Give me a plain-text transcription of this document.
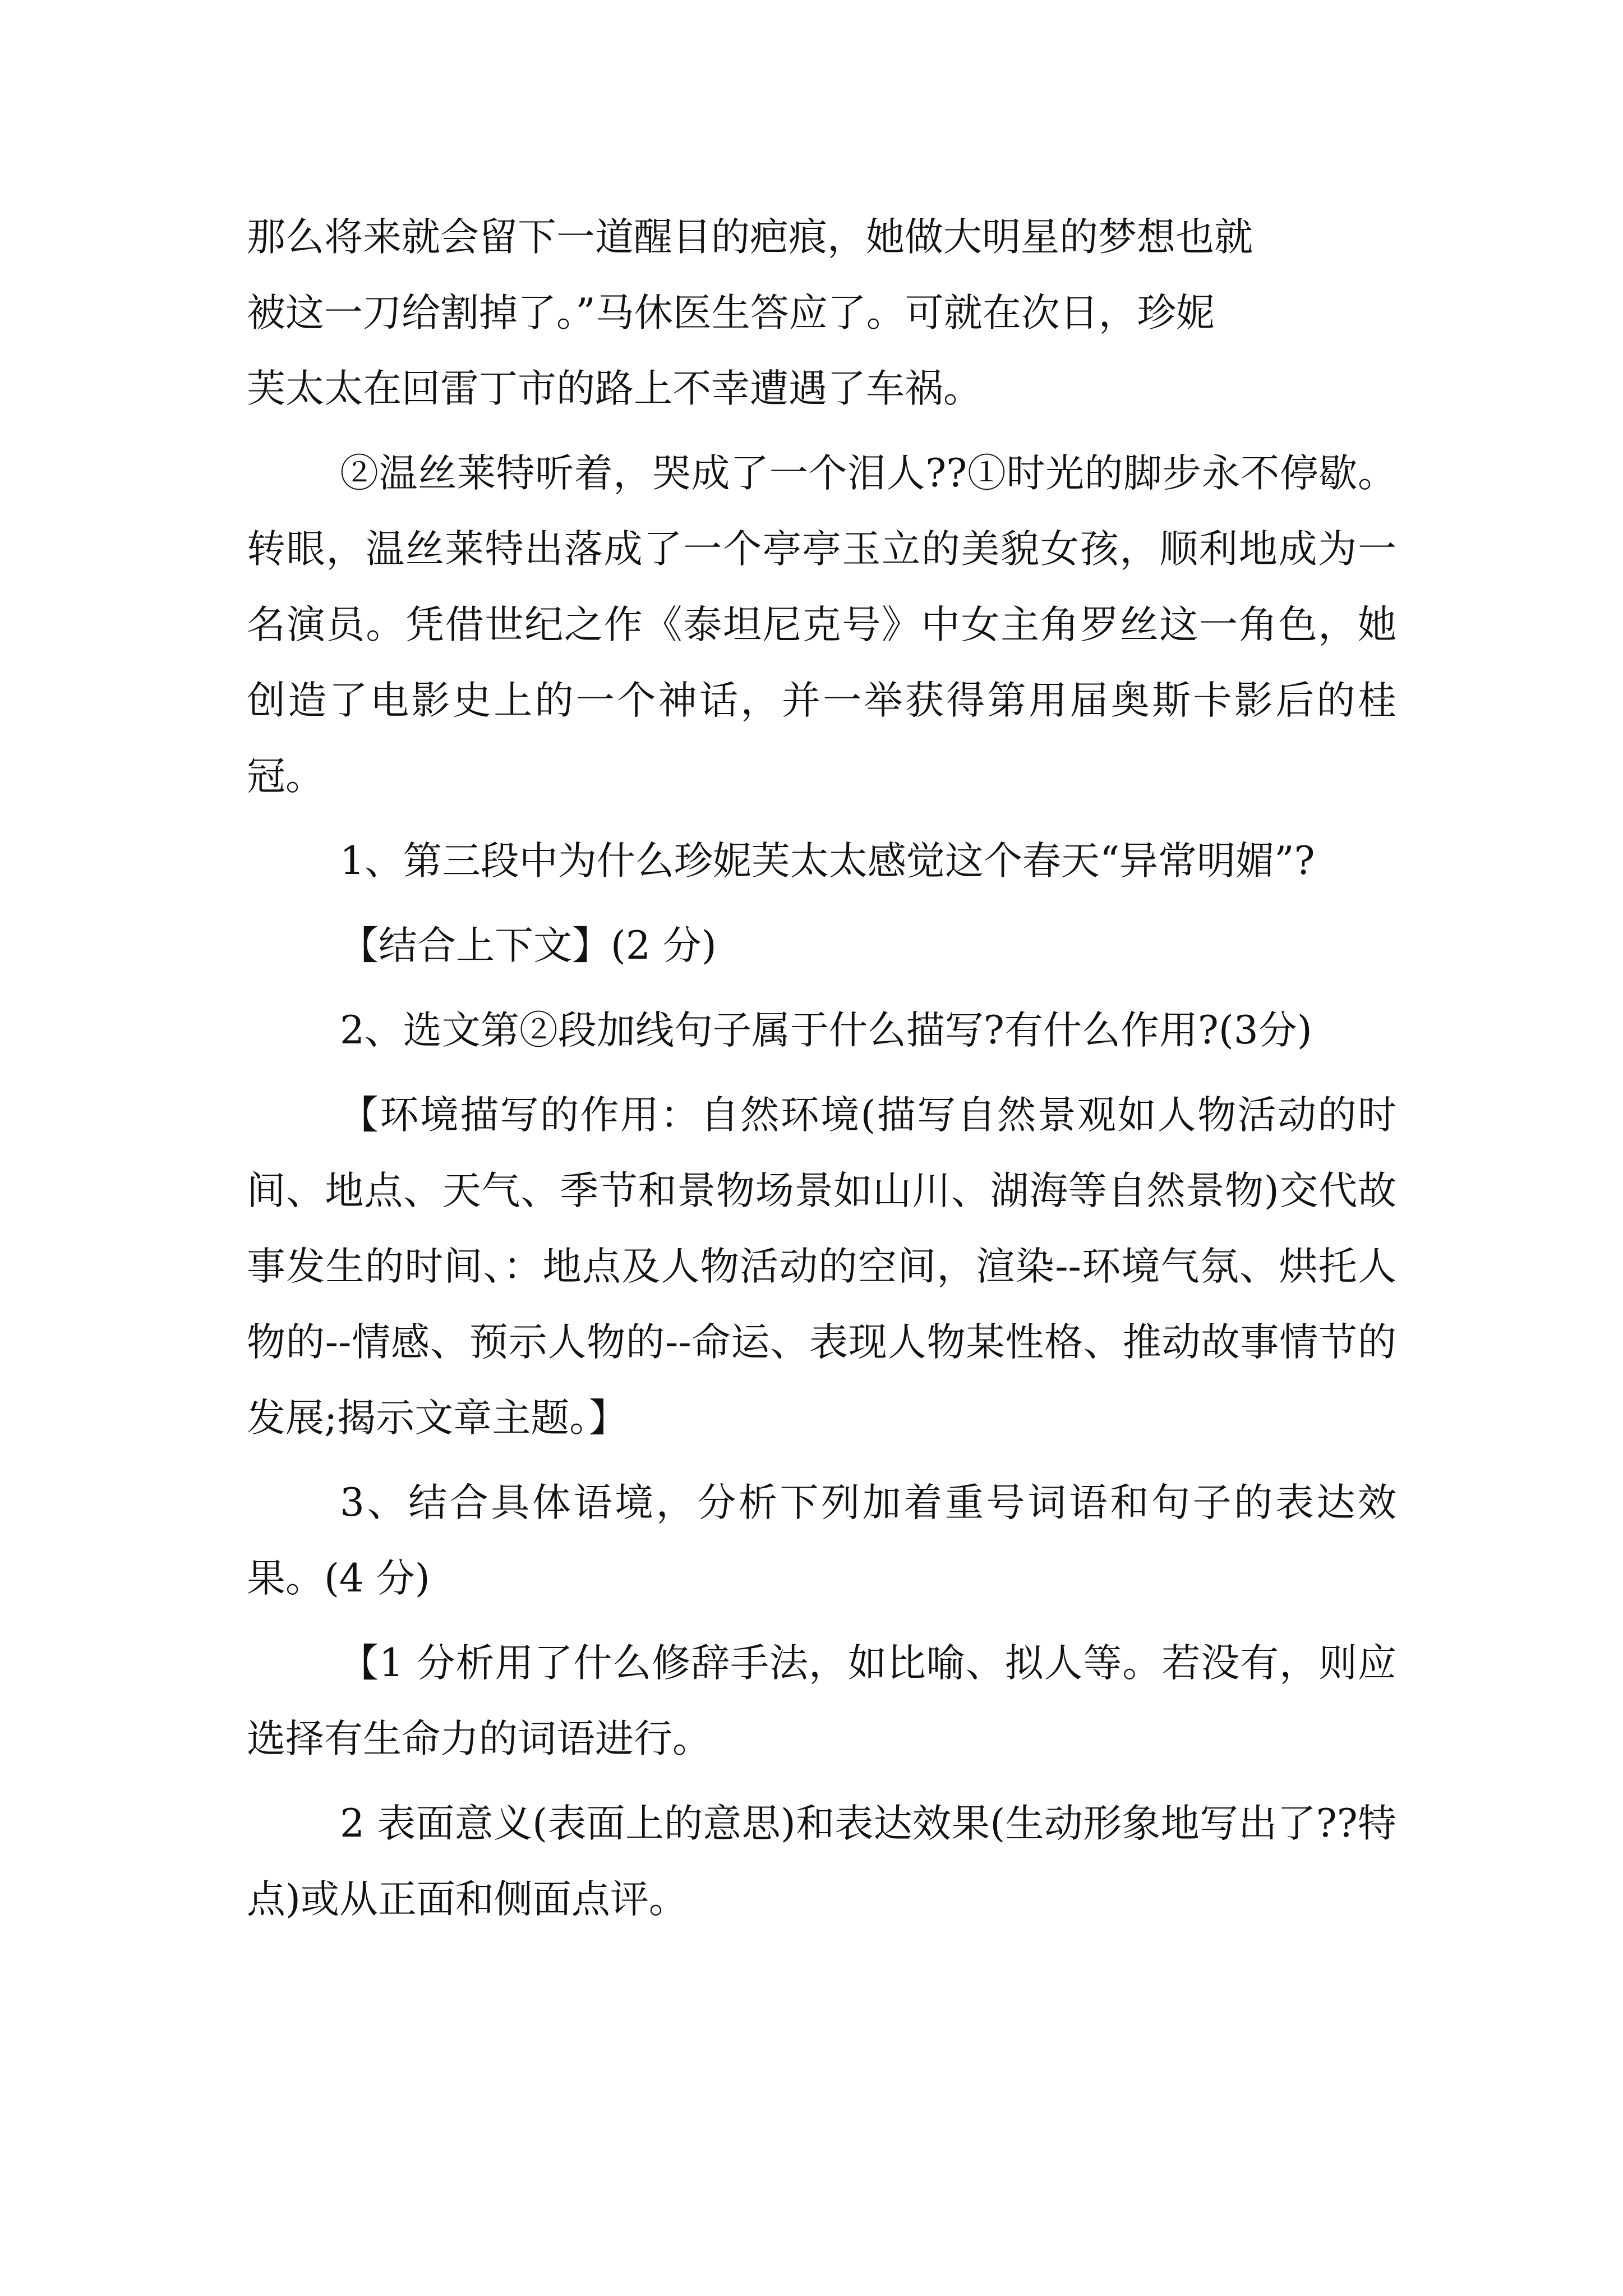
那么将来就会留下一道醒目的疤痕，她做大明星的梦想也就
被这一刀给割掉了。”马休医生答应了。可就在次日，珍妮
芙太太在回雷丁市的路上不幸遭遇了车祸。

②温丝莱特听着，哭成了一个泪人??①时光的脚步永不停歇。转眼，温丝莱特出落成了一个亭亭玉立的美貌女孩，顺利地成为一名演员。凭借世纪之作《泰坦尼克号》中女主角罗丝这一角色，她创造了电影史上的一个神话，并一举获得第用届奥斯卡影后的桂冠。

1、第三段中为什么珍妮芙太太感觉这个春天“异常明媚”?

【结合上下文】(2 分)

2、选文第②段加线句子属于什么描写?有什么作用?(3分)

【环境描写的作用：自然环境(描写自然景观如人物活动的时间、地点、天气、季节和景物场景如山川、湖海等自然景物)交代故事发生的时间、：地点及人物活动的空间，渲染--环境气氛、烘托人物的--情感、预示人物的--命运、表现人物某性格、推动故事情节的发展;揭示文章主题。】

3、结合具体语境，分析下列加着重号词语和句子的表达效果。(4 分)

【1 分析用了什么修辞手法，如比喻、拟人等。若没有，则应选择有生命力的词语进行。

2 表面意义(表面上的意思)和表达效果(生动形象地写出了??特点)或从正面和侧面点评。
